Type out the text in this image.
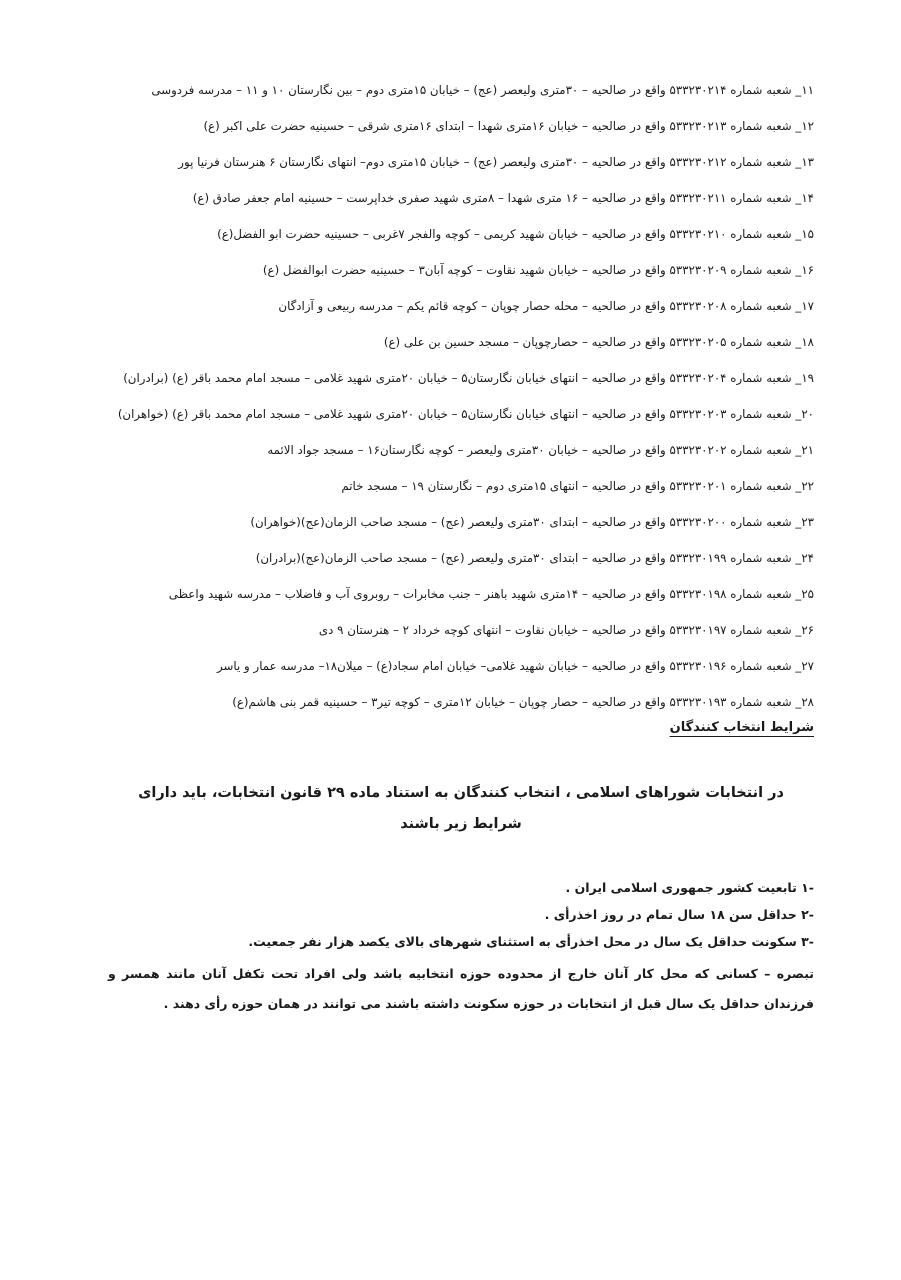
۱۱_ شعبه شماره ۵۳۳۲۳۰۲۱۴ واقع در صالحیه – ۳۰متری ولیعصر (عج) – خیابان ۱۵متری دوم – بین نگارستان ۱۰ و ۱۱ – مدرسه فردوسی

۱۲_ شعبه شماره ۵۳۳۲۳۰۲۱۳ واقع در صالحیه – خیابان ۱۶متری شهدا – ابتدای ۱۶متری شرقی – حسینیه حضرت علی اکبر (ع)

۱۳_ شعبه شماره ۵۳۳۲۳۰۲۱۲ واقع در صالحیه – ۳۰متری ولیعصر (عج) – خیابان ۱۵متری دوم– انتهای نگارستان ۶ هنرستان فرنیا پور

۱۴_ شعبه شماره ۵۳۳۲۳۰۲۱۱ واقع در صالحیه – ۱۶ متری شهدا – ۸متری شهید صفری خداپرست – حسینیه امام جعفر صادق (ع)

۱۵_ شعبه شماره ۵۳۳۲۳۰۲۱۰ واقع در صالحیه – خیابان شهید کریمی – کوچه والفجر ۷غربی – حسینیه حضرت ابو الفضل(ع)

۱۶_ شعبه شماره ۵۳۳۲۳۰۲۰۹ واقع در صالحیه – خیابان شهید نقاوت – کوچه آبان۳ – حسینیه حضرت ابوالفضل (ع)

۱۷_ شعبه شماره ۵۳۳۲۳۰۲۰۸ واقع در صالحیه – محله حصار چوپان – کوچه قائم یکم – مدرسه ربیعی و آزادگان

۱۸_ شعبه شماره ۵۳۳۲۳۰۲۰۵ واقع در صالحیه – حصارچوپان – مسجد حسین بن علی (ع)

۱۹_ شعبه شماره ۵۳۳۲۳۰۲۰۴ واقع در صالحیه – انتهای خیابان نگارستان۵ – خیابان ۲۰متری شهید غلامی – مسجد امام محمد باقر (ع) (برادران)

۲۰_ شعبه شماره ۵۳۳۲۳۰۲۰۳ واقع در صالحیه – انتهای خیابان نگارستان۵ – خیابان ۲۰متری شهید غلامی – مسجد امام محمد باقر (ع) (خواهران)

۲۱_ شعبه شماره ۵۳۳۲۳۰۲۰۲ واقع در صالحیه – خیابان ۳۰متری ولیعصر – کوچه نگارستان۱۶ – مسجد جواد الائمه

۲۲_ شعبه شماره ۵۳۳۲۳۰۲۰۱ واقع در صالحیه – انتهای ۱۵متری دوم – نگارستان ۱۹ – مسجد خاتم

۲۳_ شعبه شماره ۵۳۳۲۳۰۲۰۰ واقع در صالحیه – ابتدای ۳۰متری ولیعصر (عج) – مسجد صاحب الزمان(عج)(خواهران)

۲۴_ شعبه شماره ۵۳۳۲۳۰۱۹۹ واقع در صالحیه – ابتدای ۳۰متری ولیعصر (عج) – مسجد صاحب الزمان(عج)(برادران)

۲۵_ شعبه شماره ۵۳۳۲۳۰۱۹۸ واقع در صالحیه – ۱۴متری شهید باهنر – جنب مخابرات – روبروی آب و فاضلاب – مدرسه شهید واعظی

۲۶_ شعبه شماره ۵۳۳۲۳۰۱۹۷ واقع در صالحیه – خیابان نقاوت – انتهای کوچه خرداد ۲ – هنرستان ۹ دی

۲۷_ شعبه شماره ۵۳۳۲۳۰۱۹۶ واقع در صالحیه – خیابان شهید غلامی– خیابان امام سجاد(ع) – میلان۱۸– مدرسه عمار و یاسر

۲۸_ شعبه شماره ۵۳۳۲۳۰۱۹۳ واقع در صالحیه – حصار چوپان – خیابان ۱۲متری – کوچه تیر۳ – حسینیه قمر بنی هاشم(ع)

شرایط انتخاب کنندگان
در انتخابات شوراهای اسلامی ، انتخاب کنندگان به استناد ماده ۲۹ قانون انتخابات، باید دارای شرایط زیر باشند

-۱ تابعیت کشور جمهوری اسلامی ایران .

-۲ حداقل سن ۱۸ سال تمام در روز اخذرأی .

-۳ سکونت حداقل یک سال در محل اخذرأی به استثنای شهرهای بالای یکصد هزار نفر جمعیت.

تبصره – کسانی که محل کار آنان خارج از محدوده حوزه انتخابیه باشد ولی افراد تحت تکفل آنان مانند همسر و فرزندان حداقل یک سال قبل از انتخابات در حوزه سکونت داشته باشند می توانند در همان حوزه رأی دهند .
